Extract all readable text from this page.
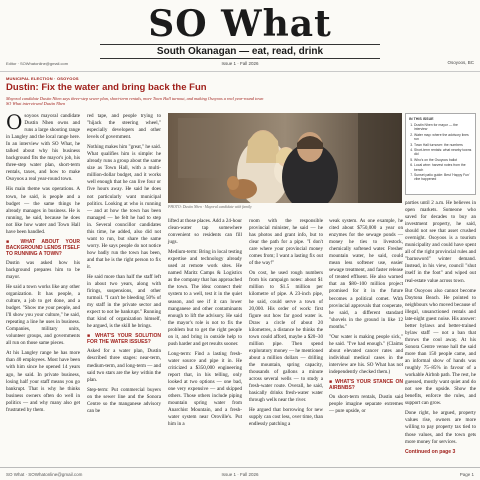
SO What
South Okanagan — eat, read, drink
Editor · SOWhatonline@gmail.com	Issue 1 · Fall 2026	Osoyoos, BC
MUNICIPAL ELECTION · OSOYOOS
Dustin: Fix the water and bring back the Fun
Mayoral candidate Dustin Nhen says three-step sewer plan, short-term rentals, more Town Hall turnout, and making Osoyoos a real year-round town
SO What interviewed Dustin Nhen

Osoyoos mayoral candidate Dustin Nhen owns and runs a large shooting range in Langley and the local range here. In an interview with SO What, he talked about why his business background fits the mayor's job, his three-step water plan, short-term rentals, taxes, and how to make Osoyoos a real year-round town.

His main theme was operations. A town, he said, is people and a budget — the same things he already manages in business. He is running, he said, because he does not like how water and Town Hall have been handled.

■ WHAT ABOUT YOUR BACKGROUND LENDS ITSELF TO RUNNING A TOWN?

Dustin was asked how his background prepares him to be mayor.

He said a town works like any other organization. It has people, a culture, a job to get done, and a budget. "Show me your people, and I'll show you your culture," he said, repeating a line he uses in business. Companies, military units, volunteer groups, and governments all run on those same pieces.

At his Langley range he has more than 40 employees. Most have been with him since he opened 14 years ago, he said. In private business, losing half your staff means you go bankrupt. That is why he thinks business owners often do well in politics — and why many also get frustrated by them.

red tape, and people trying to "hijack the steering wheel," especially developers and other levels of government.

Nothing makes him "great," he said. What qualifies him is simple: he already runs a group about the same size as Town Hall, with a multi-million-dollar budget, and it works well enough that he can live four or five hours away. He said he does not particularly want municipal politics. Looking at who is running — and at how the town has been managed — he felt he had to step in. Several councillor candidates this time, he added, also did not want to run, but share the same worry. He says people do not notice how badly run the town has been, and that he is the right person to fix it.

He said more than half the staff left in about two years, along with firings, suspensions, and other turmoil. "I can't be bleeding 50% of my staff in the private sector and expect to not be bankrupt." Running that kind of organization himself, he argued, is the skill he brings.

■ WHAT'S YOUR SOLUTION FOR THE WATER ISSUES?

Asked for a water plan, Dustin described three stages: near-term, medium-term, and long-term — and said two stars are the key within the plan.

Step-term: Put commercial buyers on the sewer line and the Sonora Centre so the manganese advisory can be

PHOTO: Dustin Nhen · Mayoral candidate with family
IN THIS ISSUE
1. Dustin Nhen for mayor — the interview
2. Water map: where the advisory lines run
3. Town Hall turnover: the numbers
4. Short-term rentals: what nearby towns did
5. Who's on the Osoyoos ballot
6. Local wine: harvest notes from the bench
7. Sunset patio guide: Best 'Happy Fun' vibe happened

lifted at those places. Add a 24-hour clean-water tap somewhere convenient so residents can fill jugs.

Medium-term: Bring in local testing expertise and technology already used at remote work sites. He named Maritz Camps & Logistics as the company that has approached the town. The idea: connect their system to a well, test it in the quiet season, and see if it can lower manganese and other contaminants enough to lift the advisory. He said the mayor's role is not to fix the problem but to get the right people on it, and bring in outside help to push harder and get results sooner.

Long-term: Find a lasting fresh-water source and pipe it in. He criticized a $350,000 engineering report that, in his telling, only looked at two options — one bad, one very expensive — and skipped others. Those others include piping mountain spring water from Anarchist Mountain, and a fresh-water system near Oroville's. Put him in a

room with the responsible provincial minister, he said — he has photos and grant info, but to clear the path for a pipe. "I don't care where your provincial money comes from; I want a lasting fix out of the way!"

On cost, he used rough numbers from his campaign notes: about $1 million to $1.5 million per kilometre of pipe. A 23-inch pipe, he said, could serve a town of 20,000. His order of work: first figure out how far good water is. Draw a circle of about 20 kilometres, a distance he thinks the town could afford, maybe a $20–30 million pipe. Then spend exploratory money — he mentioned about a million dollars — drilling the mountain, spring capacity, thousands of gallons a minute across several wells — to study a fresh-water route. Overall, he said, basically drinks fresh-water water through wells near the river.

He argued that borrowing for new supply can cost less, over time, than endlessly patching a

weak system. As one example, he cited about $750,000 a year on enzymes for the sewage ponds — money he ties to livestock, chemically softened water. Fresher mountain water, he said, could mean less softener use, easier sewage treatment, and faster release of treated effluent. He also warned that an $80–100 million project promised for it in the future becomes a political comet. With provincial approvals that cooperate, he said, a different standard "shovels in the ground in like 12 months."

"Our water is making people sick," he said. "I've had enough." (Claims about elevated cancer rates and individual medical cases in the interview are his. SO What has not independently checked them.)

■ WHAT'S YOUR STANCE ON AIRBNBS?

On short-term rentals, Dustin said people imagine separate extremes — pure upside, or

parties until 2 a.m. He believes in open markets. Someone who saved for decades to buy an investment property, he said, should not see that asset crushed overnight. Osoyoos is a tourism municipality and could have spent all of the right provincial rules and "barnsword" winter demand. Instead, in his view, council "shut itself in the foot" and wiped out real-estate value across town.

But Osoyoos also cannot become Daytona Beach. He pointed to neighbours who moved because of illegal, unsanctioned rentals and late-night guest noise. His answer: better bylaws and better-trained bylaw staff — not a ban that throws the cool away. At his Sonora Centre venue hall the said more than 150 people came, and an informal show of hands was roughly 75–85% in favour of a workable Airbnb path. The rest, he guessed, mostly want quiet and do not see the upside. Show the benefits, enforce the rules, and support can grow.

Done right, he argued, property values rise, owners are more willing to pay property tax tied to those values, and the town gets more money for services.

Continued on page 3

SO What · SOWhatonline@gmail.com	Issue 1 · Fall 2026	Page 1
